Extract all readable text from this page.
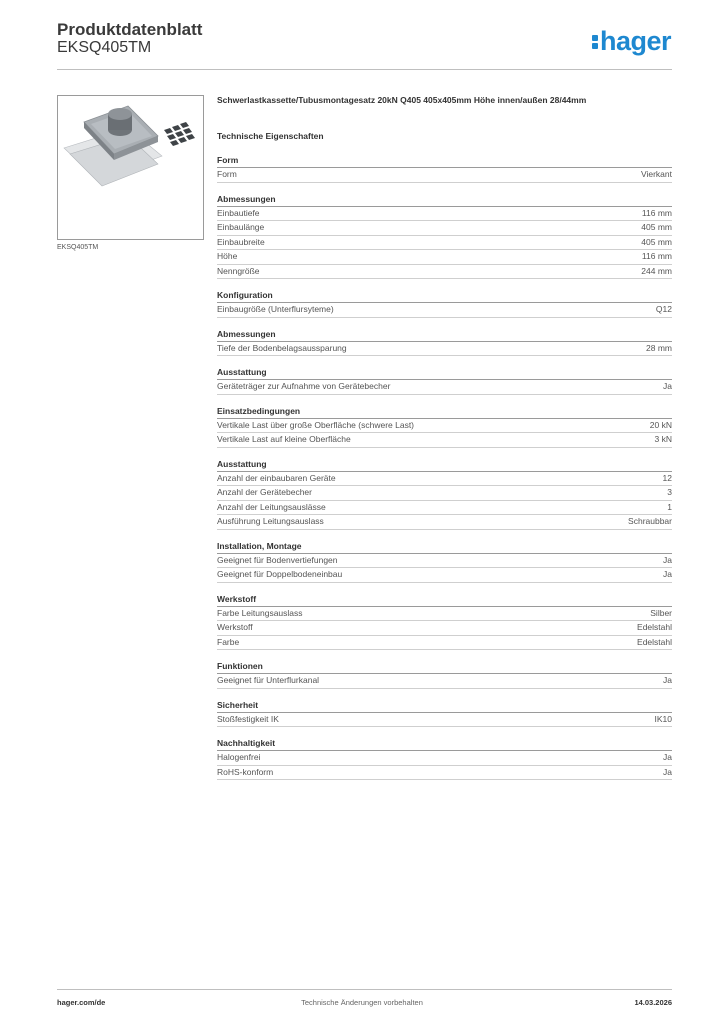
Produktdatenblatt
EKSQ405TM	hager
EKSQ405TM
Schwerlastkassette/Tubusmontagesatz 20kN Q405 405x405mm Höhe innen/außen 28/44mm
Technische Eigenschaften
Form
Form	Vierkant
Abmessungen
Einbautiefe	116 mm
Einbaulänge	405 mm
Einbaubreite	405 mm
Höhe	116 mm
Nenngröße	244 mm
Konfiguration
Einbaugröße (Unterflursyteme)	Q12
Abmessungen
Tiefe der Bodenbelagsaussparung	28 mm
Ausstattung
Geräteträger zur Aufnahme von Gerätebecher	Ja
Einsatzbedingungen
Vertikale Last über große Oberfläche (schwere Last)	20 kN
Vertikale Last auf kleine Oberfläche	3 kN
Ausstattung
Anzahl der einbaubaren Geräte	12
Anzahl der Gerätebecher	3
Anzahl der Leitungsauslässe	1
Ausführung Leitungsauslass	Schraubbar
Installation, Montage
Geeignet für Bodenvertiefungen	Ja
Geeignet für Doppelbodeneinbau	Ja
Werkstoff
Farbe Leitungsauslass	Silber
Werkstoff	Edelstahl
Farbe	Edelstahl
Funktionen
Geeignet für Unterflurkanal	Ja
Sicherheit
Stoßfestigkeit IK	IK10
Nachhaltigkeit
Halogenfrei	Ja
RoHS-konform	Ja
hager.com/de	Technische Änderungen vorbehalten	14.03.2026
